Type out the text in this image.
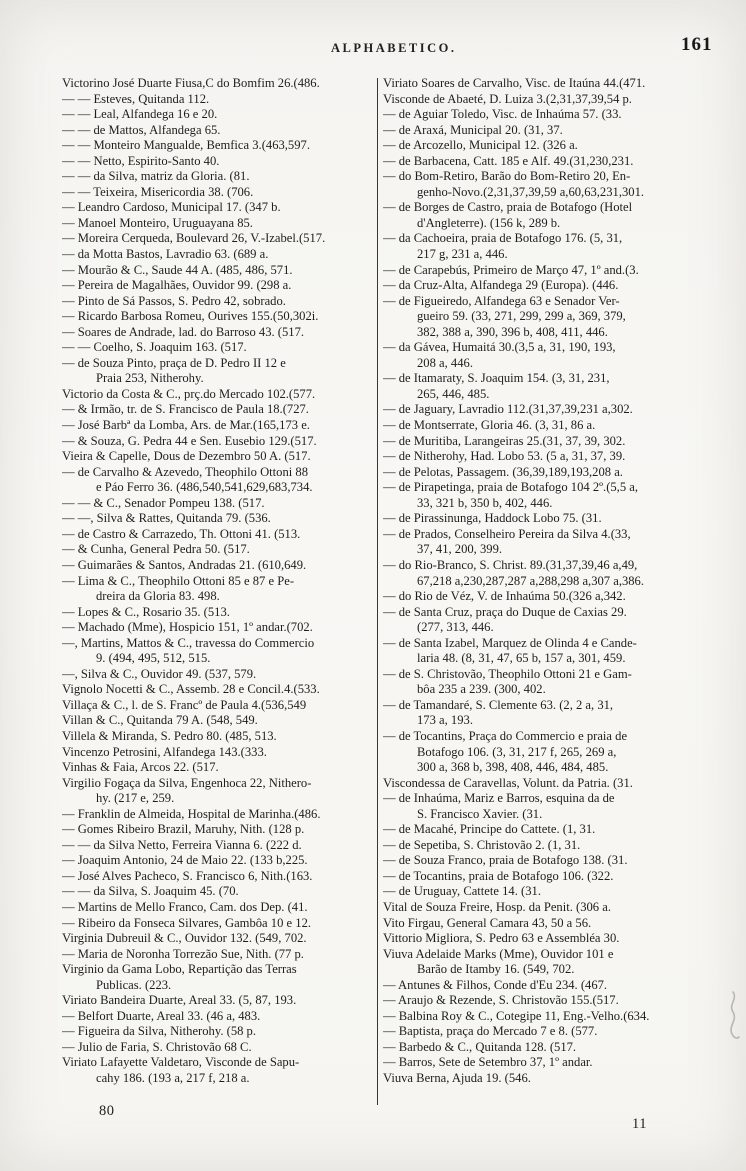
ALPHABETICO.	161
Victorino José Duarte Fiusa,C do Bomfim 26.(486.
— — Esteves, Quitanda 112.
— — Leal, Alfandega 16 e 20.
— — de Mattos, Alfandega 65.
— — Monteiro Mangualde, Bemfica 3.(463,597.
— — Netto, Espirito-Santo 40.
— — da Silva, matriz da Gloria. (81.
— — Teixeira, Misericordia 38. (706.
— Leandro Cardoso, Municipal 17. (347 b.
— Manoel Monteiro, Uruguayana 85.
— Moreira Cerqueda, Boulevard 26, V.-Izabel.(517.
— da Motta Bastos, Lavradio 63. (689 a.
— Mourão & C., Saude 44 A. (485, 486, 571.
— Pereira de Magalhães, Ouvidor 99. (298 a.
— Pinto de Sá Passos, S. Pedro 42, sobrado.
— Ricardo Barbosa Romeu, Ourives 155.(50,302i.
— Soares de Andrade, lad. do Barroso 43. (517.
— — Coelho, S. Joaquim 163. (517.
— de Souza Pinto, praça de D. Pedro II 12 e
Praia 253, Nitherohy.
Victorio da Costa & C., prç.do Mercado 102.(577.
— & Irmão, tr. de S. Francisco de Paula 18.(727.
— José Barbª da Lomba, Ars. de Mar.(165,173 e.
— & Souza, G. Pedra 44 e Sen. Eusebio 129.(517.
Vieira & Capelle, Dous de Dezembro 50 A. (517.
— de Carvalho & Azevedo, Theophilo Ottoni 88
e Páo Ferro 36. (486,540,541,629,683,734.
— — & C., Senador Pompeu 138. (517.
— —, Silva & Rattes, Quitanda 79. (536.
— de Castro & Carrazedo, Th. Ottoni 41. (513.
— & Cunha, General Pedra 50. (517.
— Guimarães & Santos, Andradas 21. (610,649.
— Lima & C., Theophilo Ottoni 85 e 87 e Pe-
dreira da Gloria 83. 498.
— Lopes & C., Rosario 35. (513.
— Machado (Mme), Hospicio 151, 1º andar.(702.
—, Martins, Mattos & C., travessa do Commercio
9. (494, 495, 512, 515.
—, Silva & C., Ouvidor 49. (537, 579.
Vignolo Nocetti & C., Assemb. 28 e Concil.4.(533.
Villaça & C., l. de S. Francº de Paula 4.(536,549
Villan & C., Quitanda 79 A. (548, 549.
Villela & Miranda, S. Pedro 80. (485, 513.
Vincenzo Petrosini, Alfandega 143.(333.
Vinhas & Faia, Arcos 22. (517.
Virgilio Fogaça da Silva, Engenhoca 22, Nithero-
hy. (217 e, 259.
— Franklin de Almeida, Hospital de Marinha.(486.
— Gomes Ribeiro Brazil, Maruhy, Nith. (128 p.
— — da Silva Netto, Ferreira Vianna 6. (222 d.
— Joaquim Antonio, 24 de Maio 22. (133 b,225.
— José Alves Pacheco, S. Francisco 6, Nith.(163.
— — da Silva, S. Joaquim 45. (70.
— Martins de Mello Franco, Cam. dos Dep. (41.
— Ribeiro da Fonseca Silvares, Gambôa 10 e 12.
Virginia Dubreuil & C., Ouvidor 132. (549, 702.
— Maria de Noronha Torrezão Sue, Nith. (77 p.
Virginio da Gama Lobo, Repartição das Terras
Publicas. (223.
Viriato Bandeira Duarte, Areal 33. (5, 87, 193.
— Belfort Duarte, Areal 33. (46 a, 483.
— Figueira da Silva, Nitherohy. (58 p.
— Julio de Faria, S. Christovão 68 C.
Viriato Lafayette Valdetaro, Visconde de Sapu-
cahy 186. (193 a, 217 f, 218 a.
Viriato Soares de Carvalho, Visc. de Itaúna 44.(471.
Visconde de Abaeté, D. Luiza 3.(2,31,37,39,54 p.
— de Aguiar Toledo, Visc. de Inhaúma 57. (33.
— de Araxá, Municipal 20. (31, 37.
— de Arcozello, Municipal 12. (326 a.
— de Barbacena, Catt. 185 e Alf. 49.(31,230,231.
— do Bom-Retiro, Barão do Bom-Retiro 20, En-
genho-Novo.(2,31,37,39,59 a,60,63,231,301.
— de Borges de Castro, praia de Botafogo (Hotel
d'Angleterre). (156 k, 289 b.
— da Cachoeira, praia de Botafogo 176. (5, 31,
217 g, 231 a, 446.
— de Carapebús, Primeiro de Março 47, 1º and.(3.
— da Cruz-Alta, Alfandega 29 (Europa). (446.
— de Figueiredo, Alfandega 63 e Senador Ver-
gueiro 59. (33, 271, 299, 299 a, 369, 379,
382, 388 a, 390, 396 b, 408, 411, 446.
— da Gávea, Humaitá 30.(3,5 a, 31, 190, 193,
208 a, 446.
— de Itamaraty, S. Joaquim 154. (3, 31, 231,
265, 446, 485.
— de Jaguary, Lavradio 112.(31,37,39,231 a,302.
— de Montserrate, Gloria 46. (3, 31, 86 a.
— de Muritiba, Larangeiras 25.(31, 37, 39, 302.
— de Nitherohy, Had. Lobo 53. (5 a, 31, 37, 39.
— de Pelotas, Passagem. (36,39,189,193,208 a.
— de Pirapetinga, praia de Botafogo 104 2º.(5,5 a,
33, 321 b, 350 b, 402, 446.
— de Pirassinunga, Haddock Lobo 75. (31.
— de Prados, Conselheiro Pereira da Silva 4.(33,
37, 41, 200, 399.
— do Rio-Branco, S. Christ. 89.(31,37,39,46 a,49,
67,218 a,230,287,287 a,288,298 a,307 a,386.
— do Rio de Véz, V. de Inhaúma 50.(326 a,342.
— de Santa Cruz, praça do Duque de Caxias 29.
(277, 313, 446.
— de Santa Izabel, Marquez de Olinda 4 e Cande-
laria 48. (8, 31, 47, 65 b, 157 a, 301, 459.
— de S. Christovão, Theophilo Ottoni 21 e Gam-
bôa 235 a 239. (300, 402.
— de Tamandaré, S. Clemente 63. (2, 2 a, 31,
173 a, 193.
— de Tocantins, Praça do Commercio e praia de
Botafogo 106. (3, 31, 217 f, 265, 269 a,
300 a, 368 b, 398, 408, 446, 484, 485.
Viscondessa de Caravellas, Volunt. da Patria. (31.
— de Inhaúma, Mariz e Barros, esquina da de
S. Francisco Xavier. (31.
— de Macahé, Principe do Cattete. (1, 31.
— de Sepetiba, S. Christovão 2. (1, 31.
— de Souza Franco, praia de Botafogo 138. (31.
— de Tocantins, praia de Botafogo 106. (322.
— de Uruguay, Cattete 14. (31.
Vital de Souza Freire, Hosp. da Penit. (306 a.
Vito Firgau, General Camara 43, 50 a 56.
Vittorio Migliora, S. Pedro 63 e Assembléa 30.
Viuva Adelaide Marks (Mme), Ouvidor 101 e
Barão de Itamby 16. (549, 702.
— Antunes & Filhos, Conde d'Eu 234. (467.
— Araujo & Rezende, S. Christovão 155.(517.
— Balbina Roy & C., Cotegipe 11, Eng.-Velho.(634.
— Baptista, praça do Mercado 7 e 8. (577.
— Barbedo & C., Quitanda 128. (517.
— Barros, Sete de Setembro 37, 1º andar.
Viuva Berna, Ajuda 19. (546.
80
11
